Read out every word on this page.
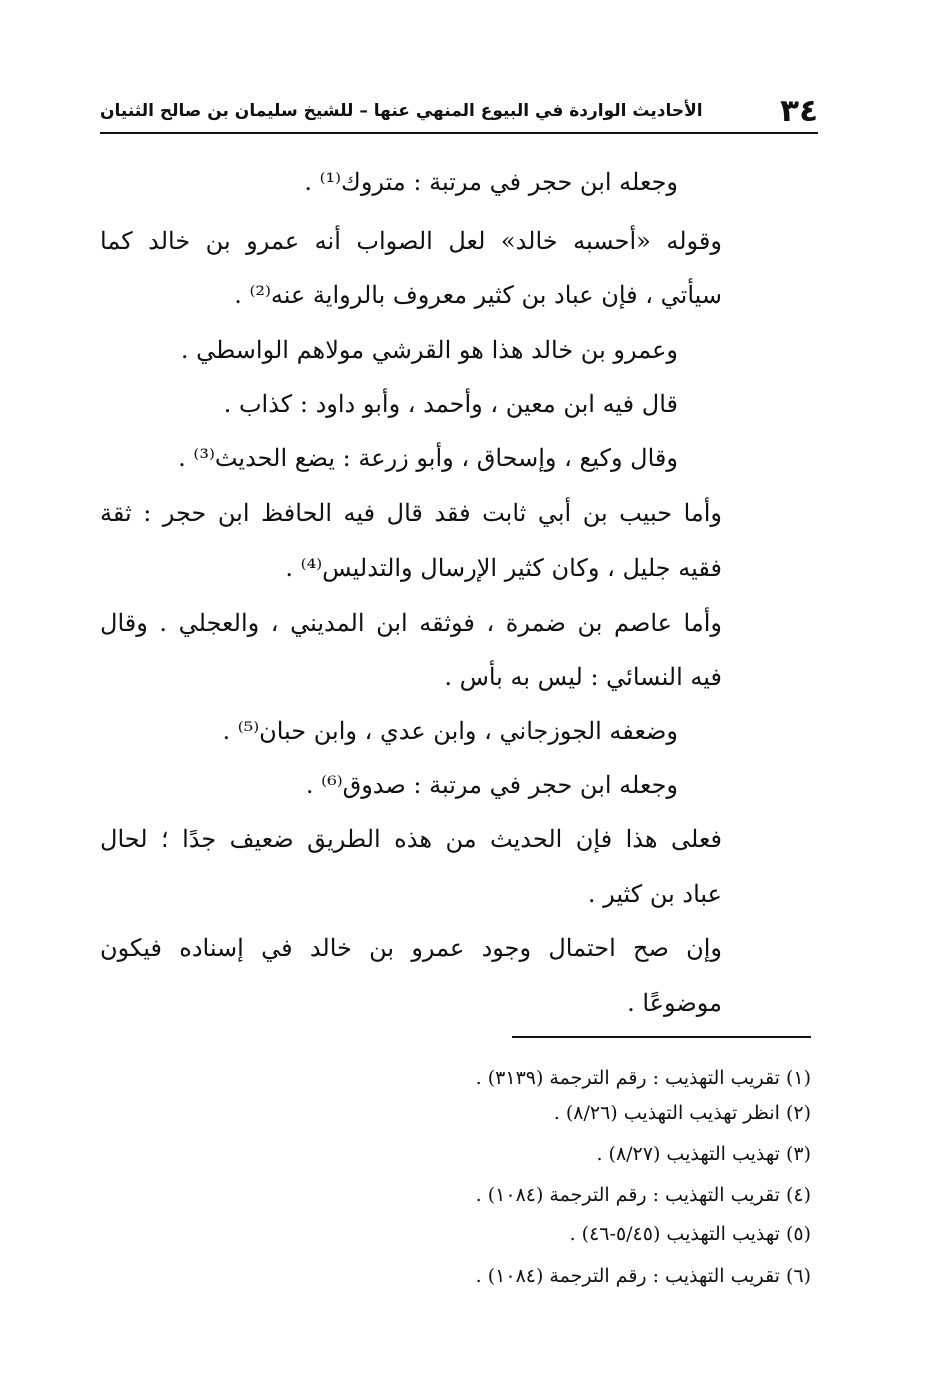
٣٤
الأحاديث الواردة في البيوع المنهي عنها – للشيخ سليمان بن صالح الثنيان
وجعله ابن حجر في مرتبة : متروك⁽¹⁾ .
وقوله «أحسبه خالد» لعل الصواب أنه عمرو بن خالد كما
سيأتي ، فإن عباد بن كثير معروف بالرواية عنه⁽²⁾ .
وعمرو بن خالد هذا هو القرشي مولاهم الواسطي .
قال فيه ابن معين ، وأحمد ، وأبو داود : كذاب .
وقال وكيع ، وإسحاق ، وأبو زرعة : يضع الحديث⁽³⁾ .
وأما حبيب بن أبي ثابت فقد قال فيه الحافظ ابن حجر : ثقة
فقيه جليل ، وكان كثير الإرسال والتدليس⁽⁴⁾ .
وأما عاصم بن ضمرة ، فوثقه ابن المديني ، والعجلي . وقال
فيه النسائي : ليس به بأس .
وضعفه الجوزجاني ، وابن عدي ، وابن حبان⁽⁵⁾ .
وجعله ابن حجر في مرتبة : صدوق⁽⁶⁾ .
فعلى هذا فإن الحديث من هذه الطريق ضعيف جدًا ؛ لحال
عباد بن كثير .
وإن صح احتمال وجود عمرو بن خالد في إسناده فيكون
موضوعًا .
(١) تقريب التهذيب : رقم الترجمة (٣١٣٩) .
(٢) انظر تهذيب التهذيب (٨/٢٦) .
(٣) تهذيب التهذيب (٨/٢٧) .
(٤) تقريب التهذيب : رقم الترجمة (١٠٨٤) .
(٥) تهذيب التهذيب (٥/٤٥-٤٦) .
(٦) تقريب التهذيب : رقم الترجمة (١٠٨٤) .
